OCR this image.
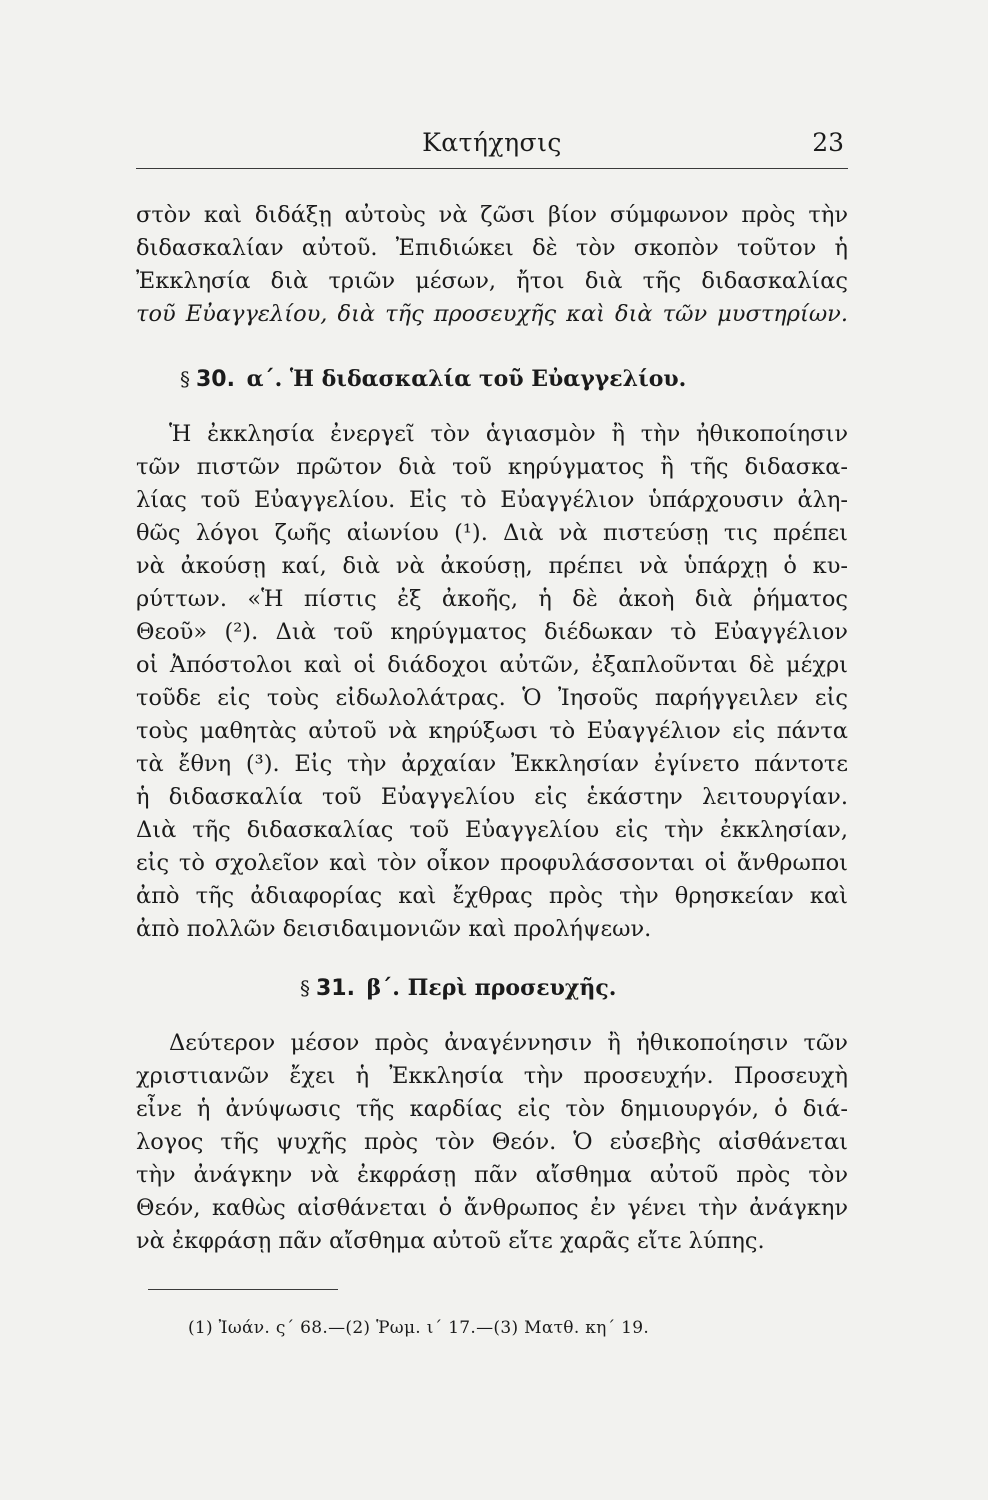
Κατήχησις	23
στὸν καὶ διδάξῃ αὐτοὺς νὰ ζῶσι βίον σύμφωνον πρὸς τὴν
διδασκαλίαν αὐτοῦ. Ἐπιδιώκει δὲ τὸν σκοπὸν τοῦτον ἡ
Ἐκκλησία διὰ τριῶν μέσων, ἤτοι διὰ τῆς διδασκαλίας
τοῦ Εὐαγγελίου, διὰ τῆς προσευχῆς καὶ διὰ τῶν μυστηρίων.
§ 30. α΄. Ἡ διδασκαλία τοῦ Εὐαγγελίου.
Ἡ ἐκκλησία ἐνεργεῖ τὸν ἁγιασμὸν ἢ τὴν ἠθικοποίησιν
τῶν πιστῶν πρῶτον διὰ τοῦ κηρύγματος ἢ τῆς διδασκα-
λίας τοῦ Εὐαγγελίου. Εἰς τὸ Εὐαγγέλιον ὑπάρχουσιν ἀλη-
θῶς λόγοι ζωῆς αἰωνίου (¹). Διὰ νὰ πιστεύσῃ τις πρέπει
νὰ ἀκούσῃ καί, διὰ νὰ ἀκούσῃ, πρέπει νὰ ὑπάρχῃ ὁ κυ-
ρύττων. «Ἡ πίστις ἐξ ἀκοῆς, ἡ δὲ ἀκοὴ διὰ ῥήματος
Θεοῦ» (²). Διὰ τοῦ κηρύγματος διέδωκαν τὸ Εὐαγγέλιον
οἱ Ἀπόστολοι καὶ οἱ διάδοχοι αὐτῶν, ἐξαπλοῦνται δὲ μέχρι
τοῦδε εἰς τοὺς εἰδωλολάτρας. Ὁ Ἰησοῦς παρήγγειλεν εἰς
τοὺς μαθητὰς αὐτοῦ νὰ κηρύξωσι τὸ Εὐαγγέλιον εἰς πάντα
τὰ ἔθνη (³). Εἰς τὴν ἀρχαίαν Ἐκκλησίαν ἐγίνετο πάντοτε
ἡ διδασκαλία τοῦ Εὐαγγελίου εἰς ἑκάστην λειτουργίαν.
Διὰ τῆς διδασκαλίας τοῦ Εὐαγγελίου εἰς τὴν ἐκκλησίαν,
εἰς τὸ σχολεῖον καὶ τὸν οἶκον προφυλάσσονται οἱ ἄνθρωποι
ἀπὸ τῆς ἀδιαφορίας καὶ ἔχθρας πρὸς τὴν θρησκείαν καὶ
ἀπὸ πολλῶν δεισιδαιμονιῶν καὶ προλήψεων.
§ 31. β΄. Περὶ προσευχῆς.
Δεύτερον μέσον πρὸς ἀναγέννησιν ἢ ἠθικοποίησιν τῶν
χριστιανῶν ἔχει ἡ Ἐκκλησία τὴν προσευχήν. Προσευχὴ
εἶνε ἡ ἀνύψωσις τῆς καρδίας εἰς τὸν δημιουργόν, ὁ διά-
λογος τῆς ψυχῆς πρὸς τὸν Θεόν. Ὁ εὐσεβὴς αἰσθάνεται
τὴν ἀνάγκην νὰ ἐκφράσῃ πᾶν αἴσθημα αὐτοῦ πρὸς τὸν
Θεόν, καθὼς αἰσθάνεται ὁ ἄνθρωπος ἐν γένει τὴν ἀνάγκην
νὰ ἐκφράσῃ πᾶν αἴσθημα αὐτοῦ εἴτε χαρᾶς εἴτε λύπης.
(1) Ἰωάν. ς΄ 68.—(2) Ῥωμ. ι΄ 17.—(3) Ματθ. κη΄ 19.
